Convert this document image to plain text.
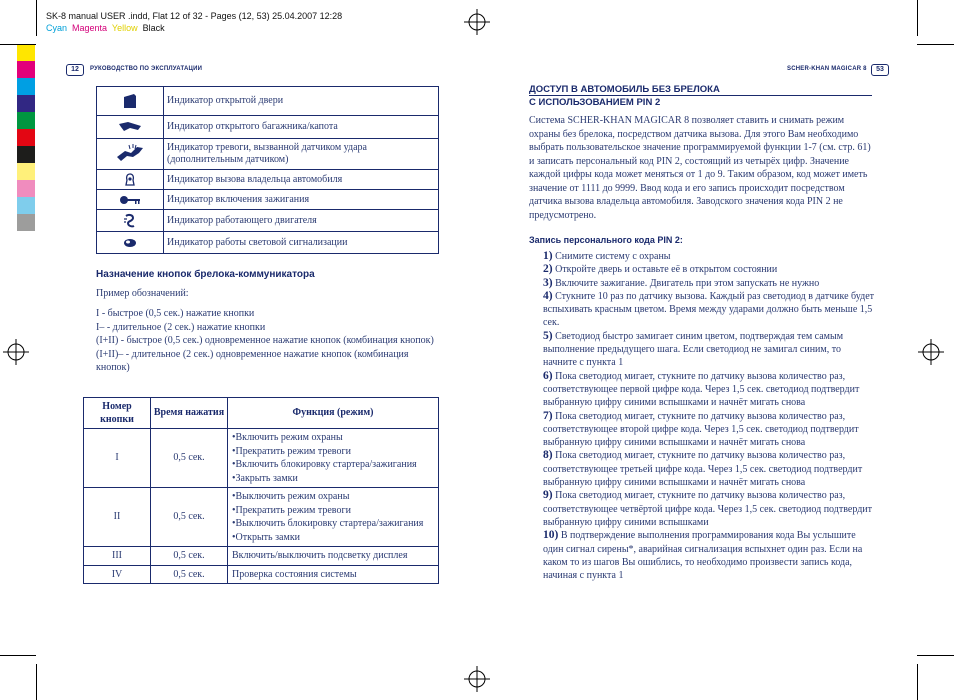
SK-8 manual USER .indd, Flat 12 of 32 - Pages (12, 53) 25.04.2007 12:28
Cyan Magenta Yellow Black
12	РУКОВОДСТВО ПО ЭКСПЛУАТАЦИИ
	Индикатор открытой двери

	Индикатор открытого багажника/капота

	Индикатор тревоги, вызванной датчиком удара (дополнительным датчиком)

	Индикатор вызова владельца автомобиля

	Индикатор включения зажигания

	Индикатор работающего двигателя

	Индикатор работы световой сигнализации
Назначение кнопок брелока-коммуникатора
Пример обозначений:
I - быстрое (0,5 сек.) нажатие кнопки
I– - длительное (2 сек.) нажатие кнопки
(I+II) - быстрое (0,5 сек.) одновременное нажатие кнопок (комбинация кнопок)
(I+II)– - длительное (2 сек.) одновременное нажатие кнопок (комбинация кнопок)
Номер кнопки	Время нажатия	Функция (режим)
I	0,5 сек.	•Включить режим охраны
•Прекратить режим тревоги
•Включить блокировку стартера/зажигания
•Закрыть замки

II	0,5 сек.	•Выключить режим охраны
•Прекратить режим тревоги
•Выключить блокировку стартера/зажигания
•Открыть замки

III	0,5 сек.	Включить/выключить подсветку дисплея
IV	0,5 сек.	Проверка состояния системы
SCHER-KHAN MAGICAR 8	53
ДОСТУП В АВТОМОБИЛЬ БЕЗ БРЕЛОКА
С ИСПОЛЬЗОВАНИЕМ PIN 2
Система SCHER-KHAN MAGICAR 8 позволяет ставить и снимать режим охраны без брелока, посредством датчика вызова. Для этого Вам необходимо выбрать пользовательское значение программируемой функции 1-7 (см. стр. 61) и записать персональный код PIN 2, состоящий из четырёх цифр. Значение каждой цифры кода может меняться от 1 до 9. Таким образом, код может иметь значение от 1111 до 9999. Ввод кода и его запись происходит посредством датчика вызова владельца автомобиля. Заводского значения кода PIN 2 не предусмотрено.
Запись персонального кода PIN 2:

1) Снимите систему с охраны

2) Откройте дверь и оставьте её в открытом состоянии

3) Включите зажигание. Двигатель при этом запускать не нужно

4) Стукните 10 раз по датчику вызова. Каждый раз светодиод в датчике будет вспыхивать красным цветом. Время между ударами должно быть меньше 1,5 сек.

5) Светодиод быстро замигает синим цветом, подтверждая тем самым выполнение предыдущего шага. Если светодиод не замигал синим, то начните с пункта 1

6) Пока светодиод мигает, стукните по датчику вызова количество раз, соответствующее первой цифре кода. Через 1,5 сек. светодиод подтвердит выбранную цифру синими вспышками и начнёт мигать снова

7) Пока светодиод мигает, стукните по датчику вызова количество раз, соответствующее второй цифре кода. Через 1,5 сек. светодиод подтвердит выбранную цифру синими вспышками и начнёт мигать снова

8) Пока светодиод мигает, стукните по датчику вызова количество раз, соответствующее третьей цифре кода. Через 1,5 сек. светодиод подтвердит выбранную цифру синими вспышками и начнёт мигать снова

9) Пока светодиод мигает, стукните по датчику вызова количество раз, соответствующее четвёртой цифре кода. Через 1,5 сек. светодиод подтвердит выбранную цифру синими вспышками

10) В подтверждение выполнения программирования кода Вы услышите один сигнал сирены*, аварийная сигнализация вспыхнет один раз. Если на каком то из шагов Вы ошиблись, то необходимо произвести запись кода, начиная с пункта 1
